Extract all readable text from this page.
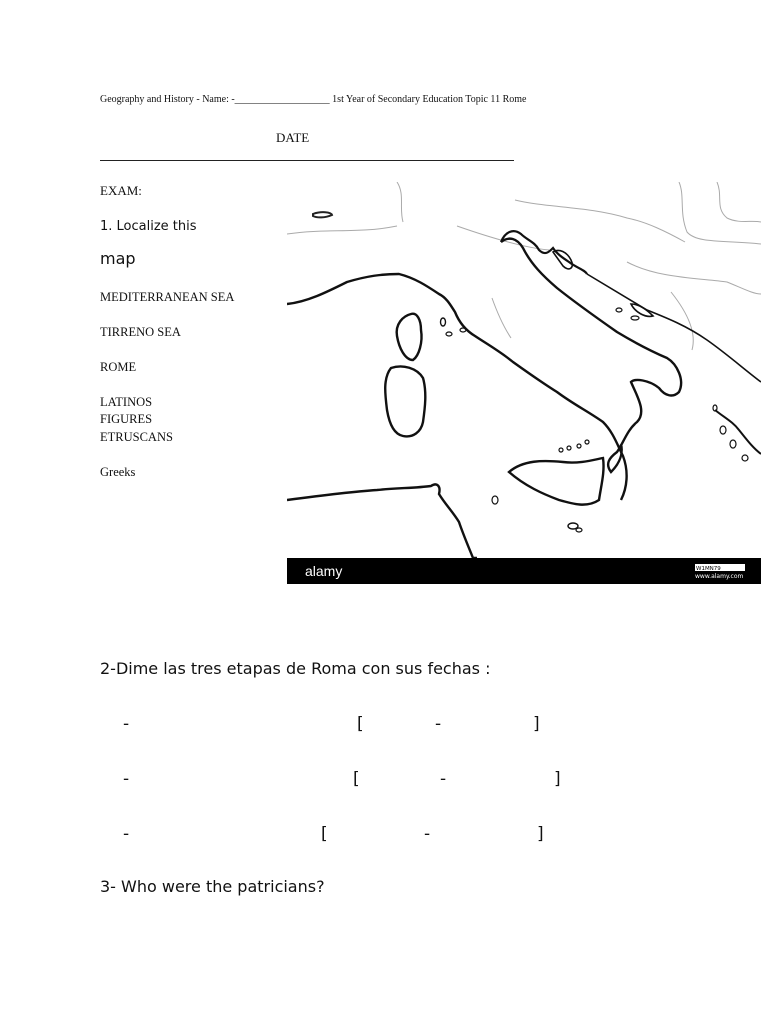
Geography and History - Name: -___________________ 1st Year of Secondary Education Topic 11 Rome
DATE
EXAM:
1. Localize this
map
MEDITERRANEAN SEA
TIRRENO SEA
ROME
LATINOS
FIGURES
ETRUSCANS
Greeks
alamy	W1MN79
www.alamy.com
2-Dime las tres etapas de Roma con sus fechas :
-	[	-	]
-	[	-	]
-	[	-	]
3- Who were the patricians?
